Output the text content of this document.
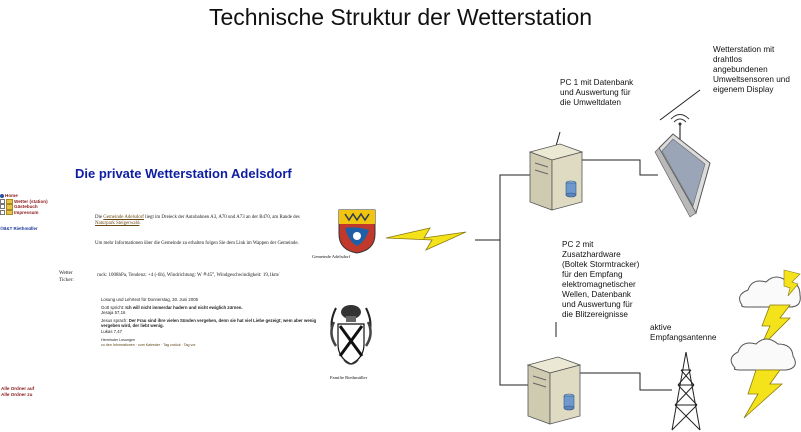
Technische Struktur der Wetterstation
Die private Wetterstation Adelsdorf
Home
Wetter (station)
Gästebuch
Impressum
©B&T Riethmüller
Die Gemeinde Adelsdorf liegt im Dreieck der Autobahnen A3, A70 und A73 an der B470, am Rande des Naturpark Steigerwald.
Um mehr Informationen über die Gemeinde zu erhalten folgen Sie dem Link im Wappen der Gemeinde.
Gemeinde Adelsdorf
Wetter
Ticker:
ruck: 1008hPa, Tendenz: +4 (-6h), Windrichtung: W ≙45°, Windgeschwindigkeit: 19,1km/
Losung und Lehrtext für Donnerstag, 30. Juni 2005
Gott spricht: Ich will nicht immerdar hadern und nicht ewiglich zürnen.
Jesaja 57,16
Jesus sprach: Der Frau sind ihre vielen Sünden vergeben, denn sie hat viel Liebe gezeigt; wem aber wenig vergeben wird, der liebt wenig.
Lukas 7,47
Herrnhuter Losungen
zu den Informationen · zum Kalender · Tag zurück · Tag vor
Familie Riethmüller
Alle Ordner auf
Alle Ordner zu
PC 1 mit Datenbank
und Auswertung für
die Umweltdaten
Wetterstation mit
drahtlos
angebundenen
Umweltsensoren und
eigenem Display
PC 2 mit
Zusatzhardware
(Boltek Stormtracker)
für den Empfang
elektromagnetischer
Wellen, Datenbank
und Auswertung für
die Blitzereignisse
aktive
Empfangsantenne
